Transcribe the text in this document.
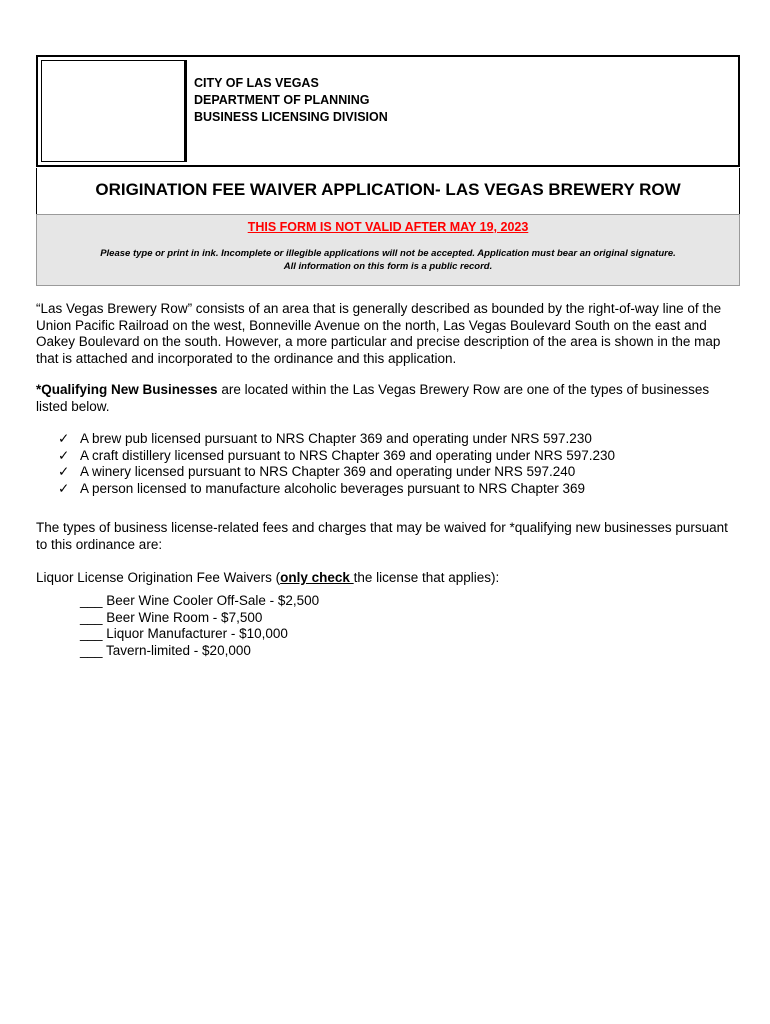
CITY OF LAS VEGAS
DEPARTMENT OF PLANNING
BUSINESS LICENSING DIVISION
ORIGINATION FEE WAIVER APPLICATION- LAS VEGAS BREWERY ROW
THIS FORM IS NOT VALID AFTER MAY 19, 2023
Please type or print in ink. Incomplete or illegible applications will not be accepted. Application must bear an original signature.
All information on this form is a public record.
“Las Vegas Brewery Row” consists of an area that is generally described as bounded by the right-of-way line of the Union Pacific Railroad on the west, Bonneville Avenue on the north, Las Vegas Boulevard South on the east and Oakey Boulevard on the south. However, a more particular and precise description of the area is shown in the map that is attached and incorporated to the ordinance and this application.
*Qualifying New Businesses are located within the Las Vegas Brewery Row are one of the types of businesses listed below.
✓ A brew pub licensed pursuant to NRS Chapter 369 and operating under NRS 597.230
✓ A craft distillery licensed pursuant to NRS Chapter 369 and operating under NRS 597.230
✓ A winery licensed pursuant to NRS Chapter 369 and operating under NRS 597.240
✓ A person licensed to manufacture alcoholic beverages pursuant to NRS Chapter 369
The types of business license-related fees and charges that may be waived for *qualifying new businesses pursuant to this ordinance are:
Liquor License Origination Fee Waivers (only check the license that applies):
___ Beer Wine Cooler Off-Sale - $2,500
___ Beer Wine Room - $7,500
___ Liquor Manufacturer - $10,000
___ Tavern-limited - $20,000
